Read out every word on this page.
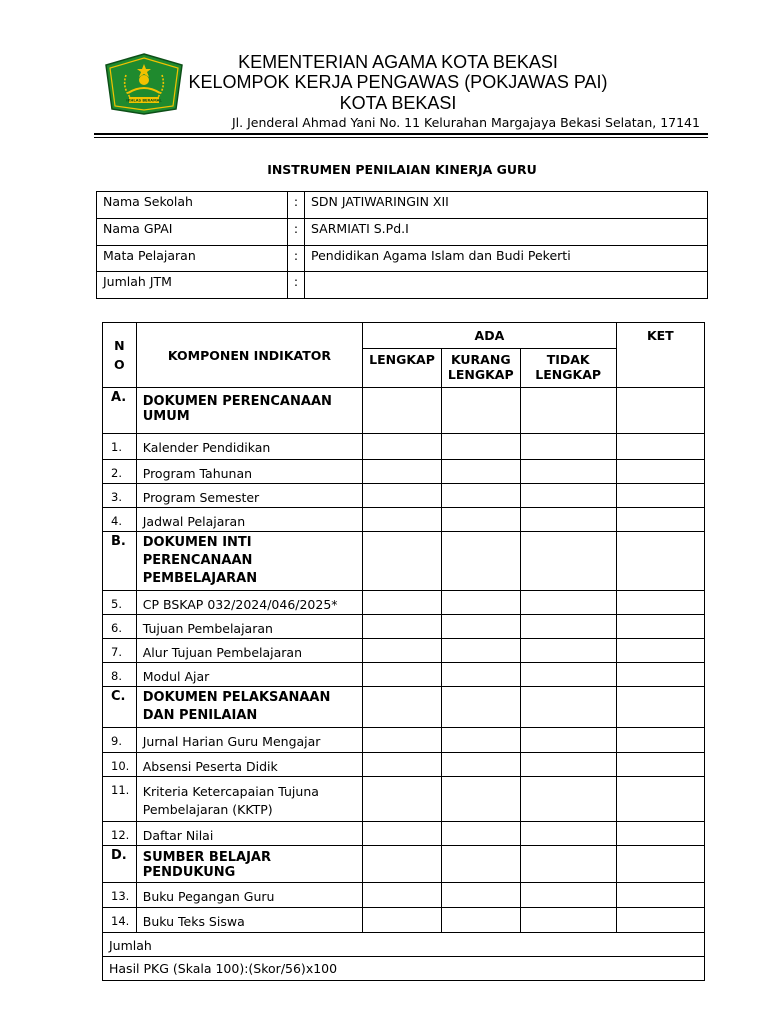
IKHLAS BERAMAL
KEMENTERIAN AGAMA KOTA BEKASI
KELOMPOK KERJA PENGAWAS (POKJAWAS PAI)
KOTA BEKASI
Jl. Jenderal Ahmad Yani No. 11 Kelurahan Margajaya Bekasi Selatan, 17141
INSTRUMEN PENILAIAN KINERJA GURU
Nama Sekolah	:	SDN JATIWARINGIN XII
Nama GPAI	:	SARMIATI S.Pd.I
Mata Pelajaran	:	Pendidikan Agama Islam dan Budi Pekerti
Jumlah JTM	:	
N
O	KOMPONEN INDIKATOR	ADA			KET
		LENGKAP	KURANG LENGKAP	TIDAK LENGKAP	
A.	DOKUMEN PERENCANAAN UMUM				
1.	Kalender Pendidikan				
2.	Program Tahunan				
3.	Program Semester				
4.	Jadwal Pelajaran				
B.	DOKUMEN INTI PERENCANAAN PEMBELAJARAN				
5.	CP BSKAP 032/2024/046/2025*				
6.	Tujuan Pembelajaran				
7.	Alur Tujuan Pembelajaran				
8.	Modul Ajar				
C.	DOKUMEN PELAKSANAAN DAN PENILAIAN				
9.	Jurnal Harian Guru Mengajar				
10.	Absensi Peserta Didik				
11.	Kriteria Ketercapaian Tujuna Pembelajaran (KKTP)				
12.	Daftar Nilai				
D.	SUMBER BELAJAR PENDUKUNG				
13.	Buku Pegangan Guru				
14.	Buku Teks Siswa				
Jumlah					
Hasil PKG (Skala 100):(Skor/56)x100					
